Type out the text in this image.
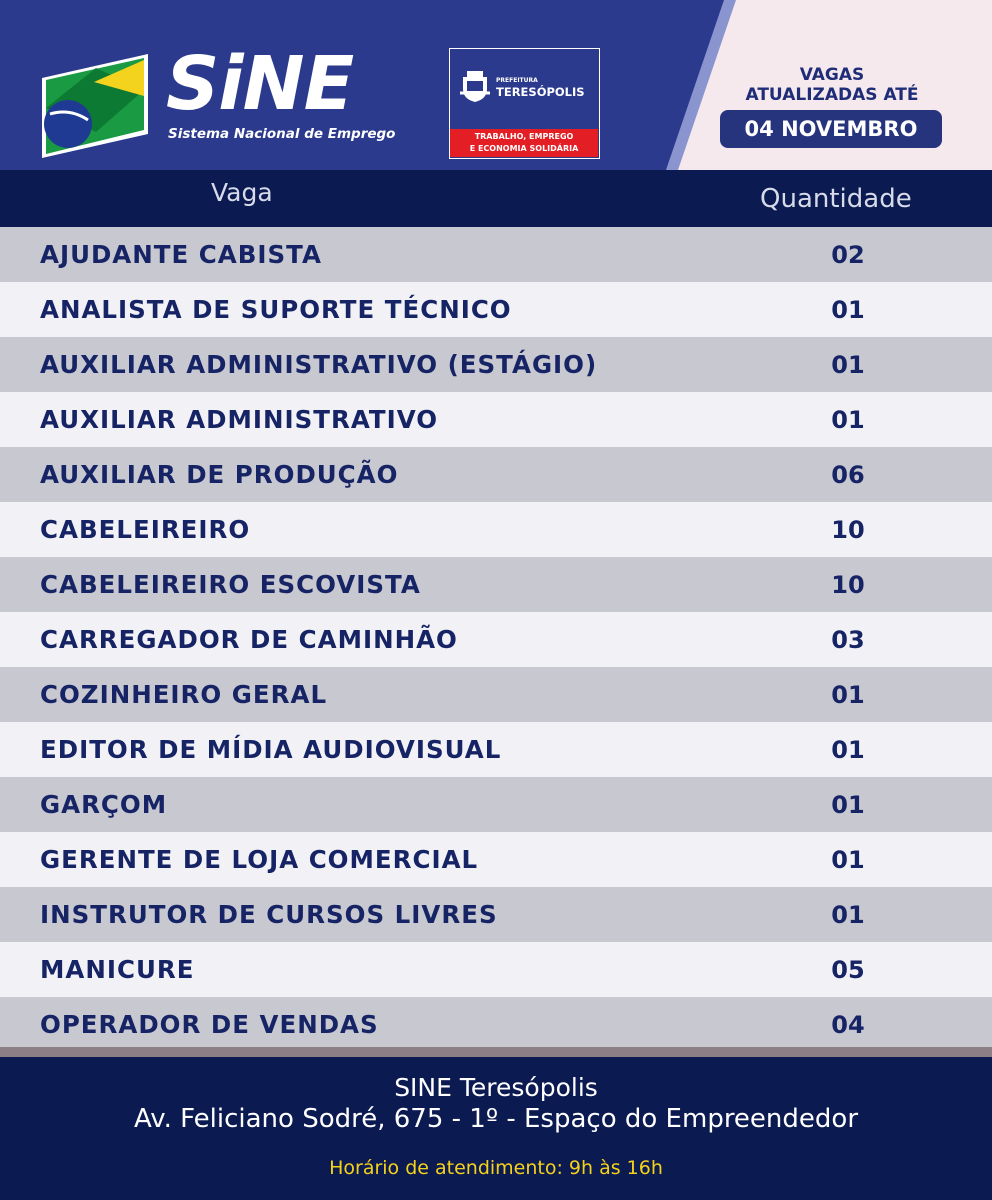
SiNE
Sistema Nacional de Emprego
PREFEITURA
TERESÓPOLIS
TRABALHO, EMPREGO
E ECONOMIA SOLIDÁRIA
VAGAS
ATUALIZADAS ATÉ
04 NOVEMBRO
Vaga	Quantidade
AJUDANTE CABISTA	02
ANALISTA DE SUPORTE TÉCNICO	01
AUXILIAR ADMINISTRATIVO (ESTÁGIO)	01
AUXILIAR ADMINISTRATIVO	01
AUXILIAR DE PRODUÇÃO	06
CABELEIREIRO	10
CABELEIREIRO ESCOVISTA	10
CARREGADOR DE CAMINHÃO	03
COZINHEIRO GERAL	01
EDITOR DE MÍDIA AUDIOVISUAL	01
GARÇOM	01
GERENTE DE LOJA COMERCIAL	01
INSTRUTOR DE CURSOS LIVRES	01
MANICURE	05
OPERADOR DE VENDAS	04
SINE Teresópolis
Av. Feliciano Sodré, 675 - 1º - Espaço do Empreendedor
Horário de atendimento: 9h às 16h
